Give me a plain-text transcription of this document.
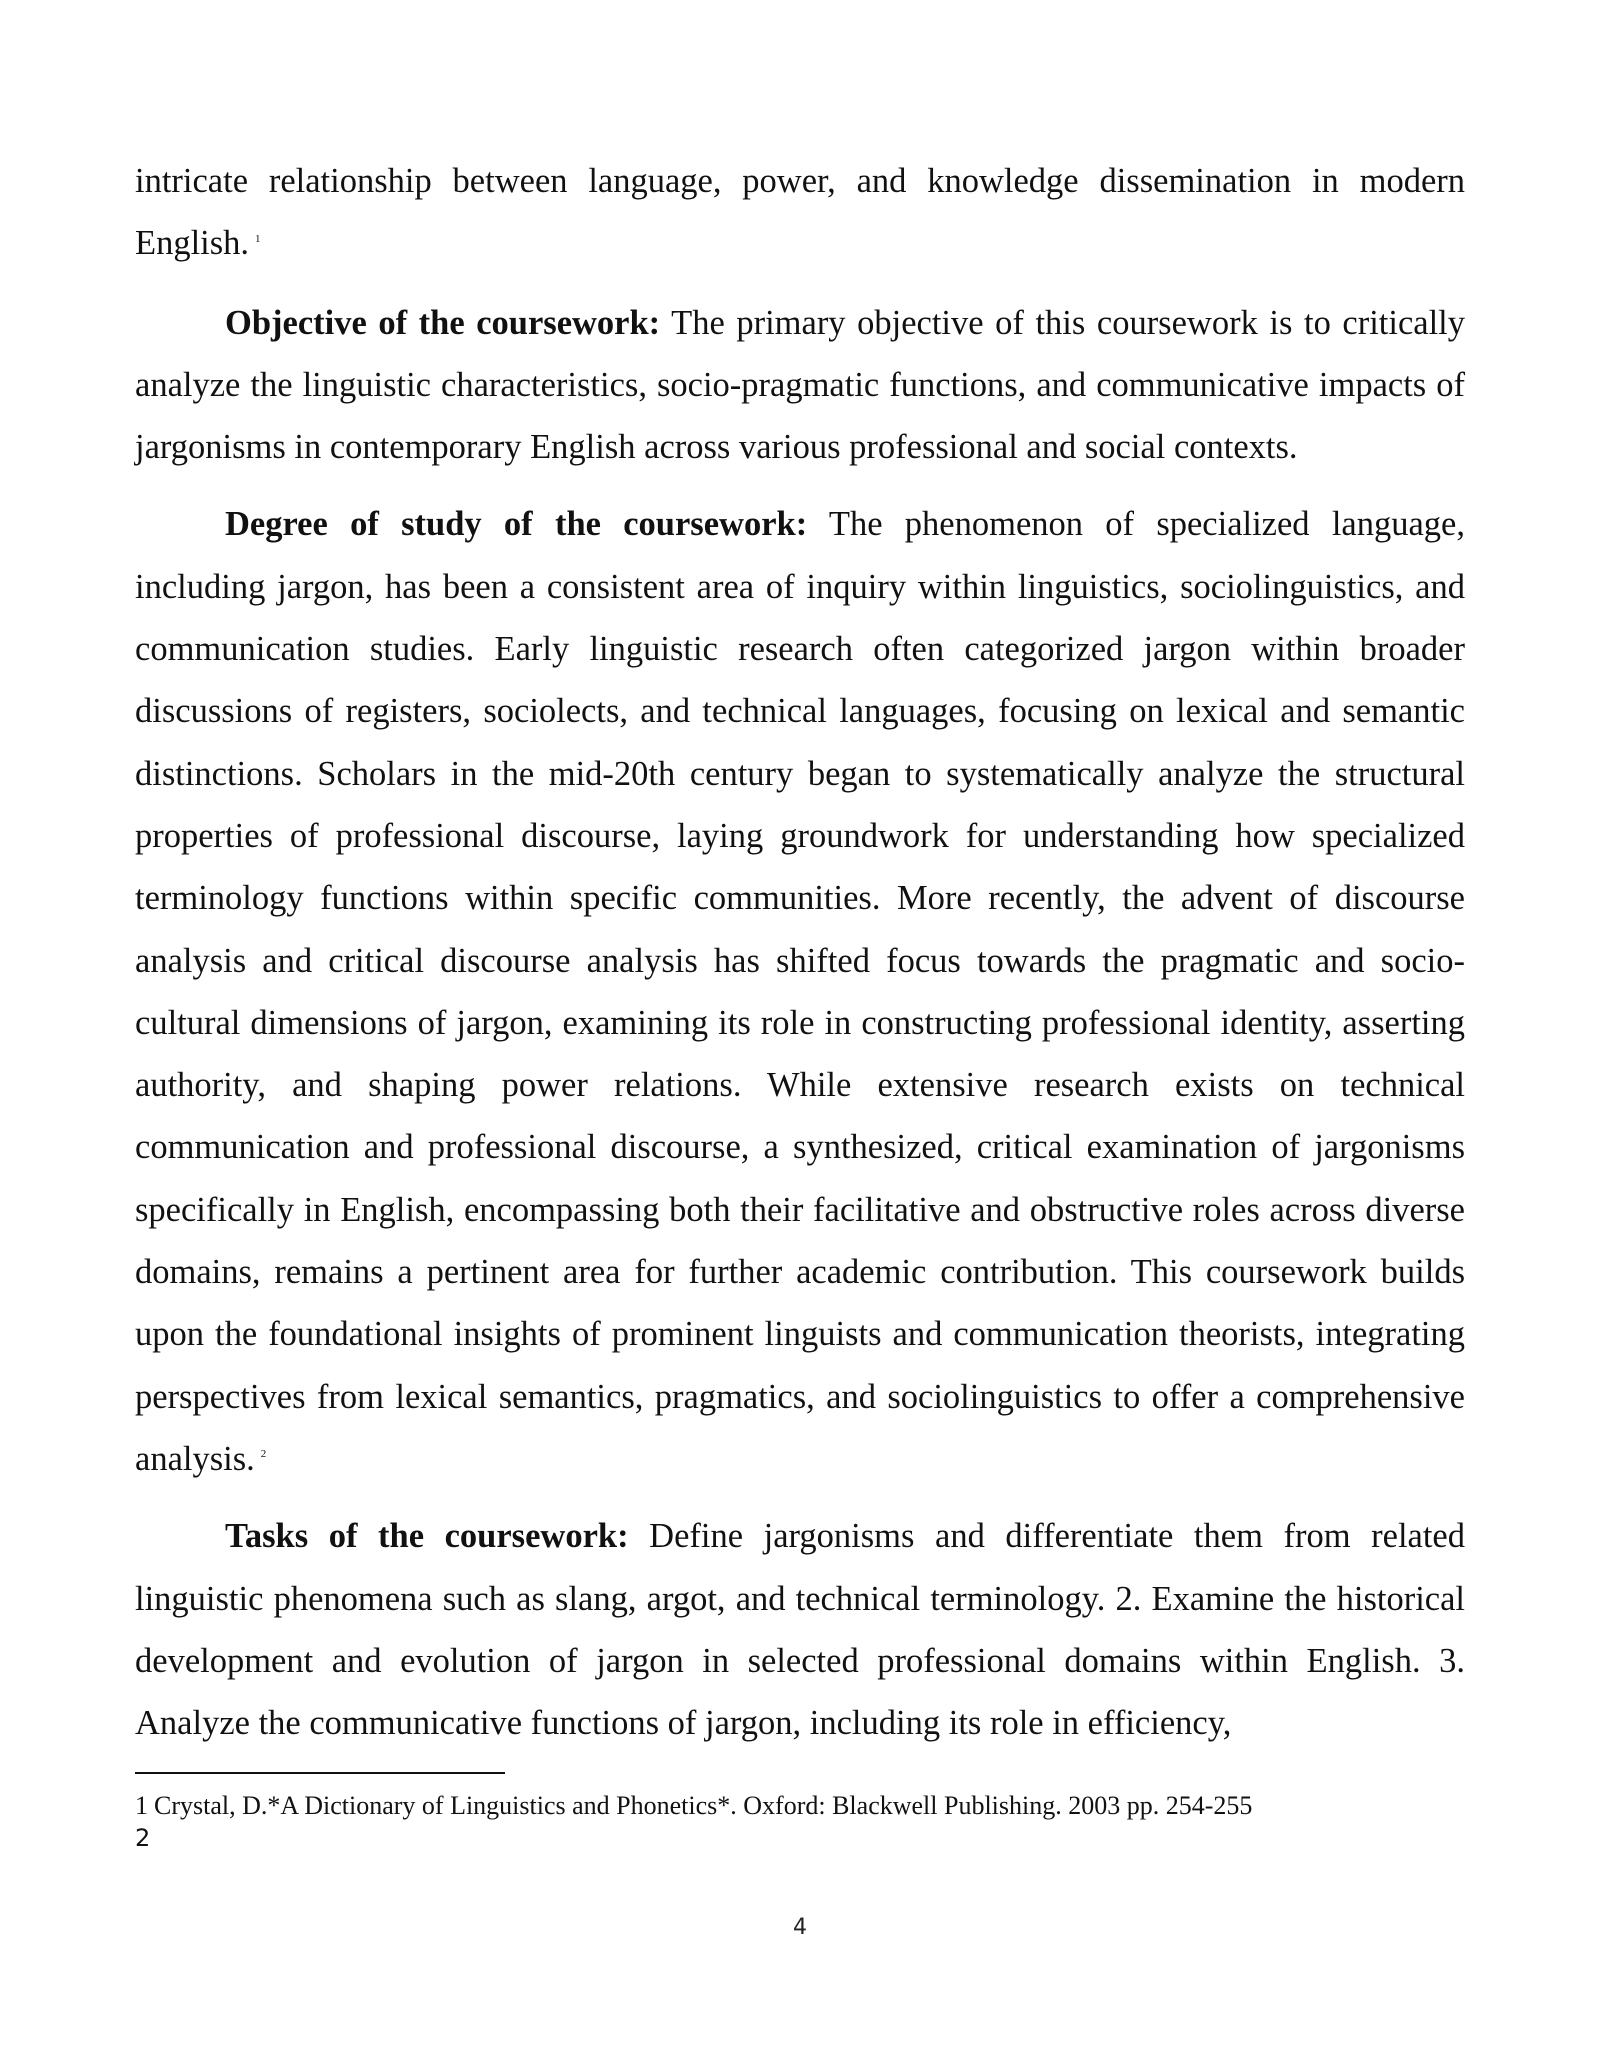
intricate relationship between language, power, and knowledge dissemination in modern English. $^1$

Objective of the coursework: The primary objective of this coursework is to critically analyze the linguistic characteristics, socio-pragmatic functions, and communicative impacts of jargonisms in contemporary English across various professional and social contexts.

Degree of study of the coursework: The phenomenon of specialized language, including jargon, has been a consistent area of inquiry within linguistics, sociolinguistics, and communication studies. Early linguistic research often categorized jargon within broader discussions of registers, sociolects, and technical languages, focusing on lexical and semantic distinctions. Scholars in the mid-20th century began to systematically analyze the structural properties of professional discourse, laying groundwork for understanding how specialized terminology functions within specific communities. More recently, the advent of discourse analysis and critical discourse analysis has shifted focus towards the pragmatic and socio-cultural dimensions of jargon, examining its role in constructing professional identity, asserting authority, and shaping power relations. While extensive research exists on technical communication and professional discourse, a synthesized, critical examination of jargonisms specifically in English, encompassing both their facilitative and obstructive roles across diverse domains, remains a pertinent area for further academic contribution. This coursework builds upon the foundational insights of prominent linguists and communication theorists, integrating perspectives from lexical semantics, pragmatics, and sociolinguistics to offer a comprehensive analysis. $^2$

Tasks of the coursework: Define jargonisms and differentiate them from related linguistic phenomena such as slang, argot, and technical terminology. 2. Examine the historical development and evolution of jargon in selected professional domains within English. 3. Analyze the communicative functions of jargon, including its role in efficiency,

1 Crystal, D.*A Dictionary of Linguistics and Phonetics*. Oxford: Blackwell Publishing. 2003 pp. 254-255
2
4
